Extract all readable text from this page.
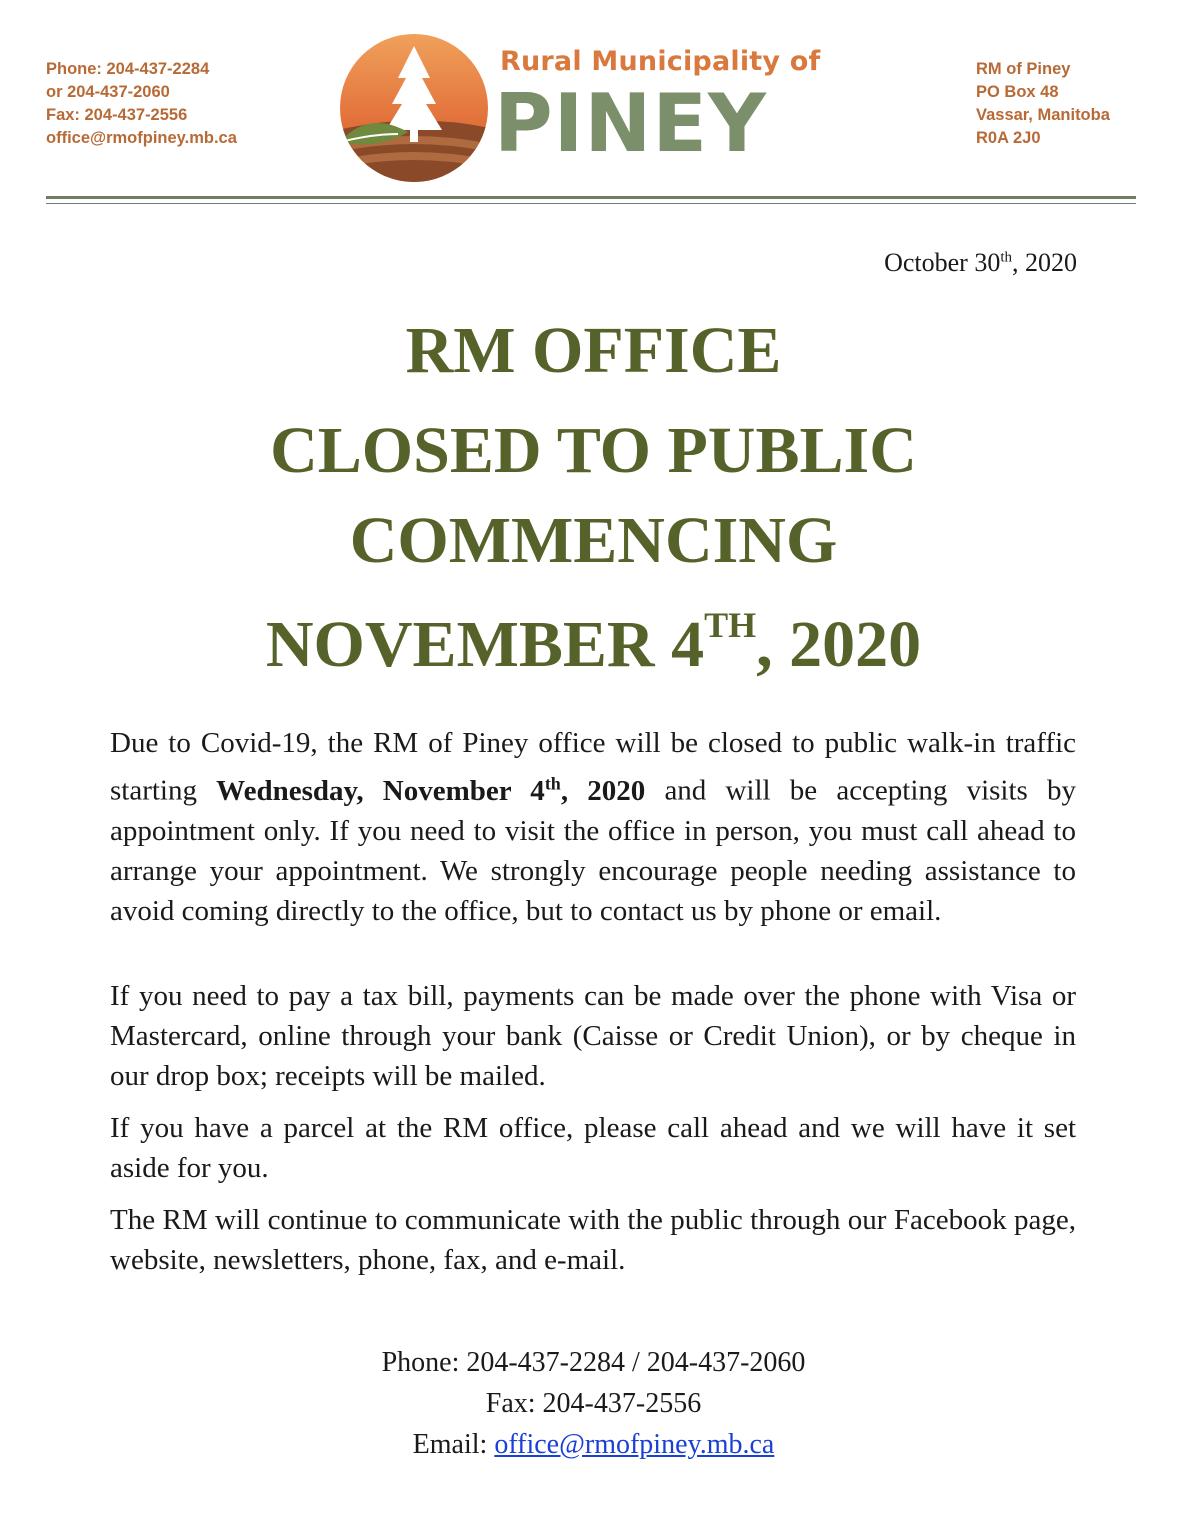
Phone: 204-437-2284
or 204-437-2060
Fax: 204-437-2556
office@rmofpiney.mb.ca
Rural Municipality of
PINEY
RM of Piney
PO Box 48
Vassar, Manitoba
R0A 2J0
October 30th, 2020
RM OFFICE
CLOSED TO PUBLIC
COMMENCING
NOVEMBER 4TH, 2020

Due to Covid-19, the RM of Piney office will be closed to public walk-in traffic starting Wednesday, November 4th, 2020 and will be accepting visits by appointment only. If you need to visit the office in person, you must call ahead to arrange your appointment. We strongly encourage people needing assistance to avoid coming directly to the office, but to contact us by phone or email.

If you need to pay a tax bill, payments can be made over the phone with Visa or Mastercard, online through your bank (Caisse or Credit Union), or by cheque in our drop box; receipts will be mailed.

If you have a parcel at the RM office, please call ahead and we will have it set aside for you.

The RM will continue to communicate with the public through our Facebook page, website, newsletters, phone, fax, and e-mail.

Phone: 204-437-2284 / 204-437-2060
Fax: 204-437-2556
Email: office@rmofpiney.mb.ca
